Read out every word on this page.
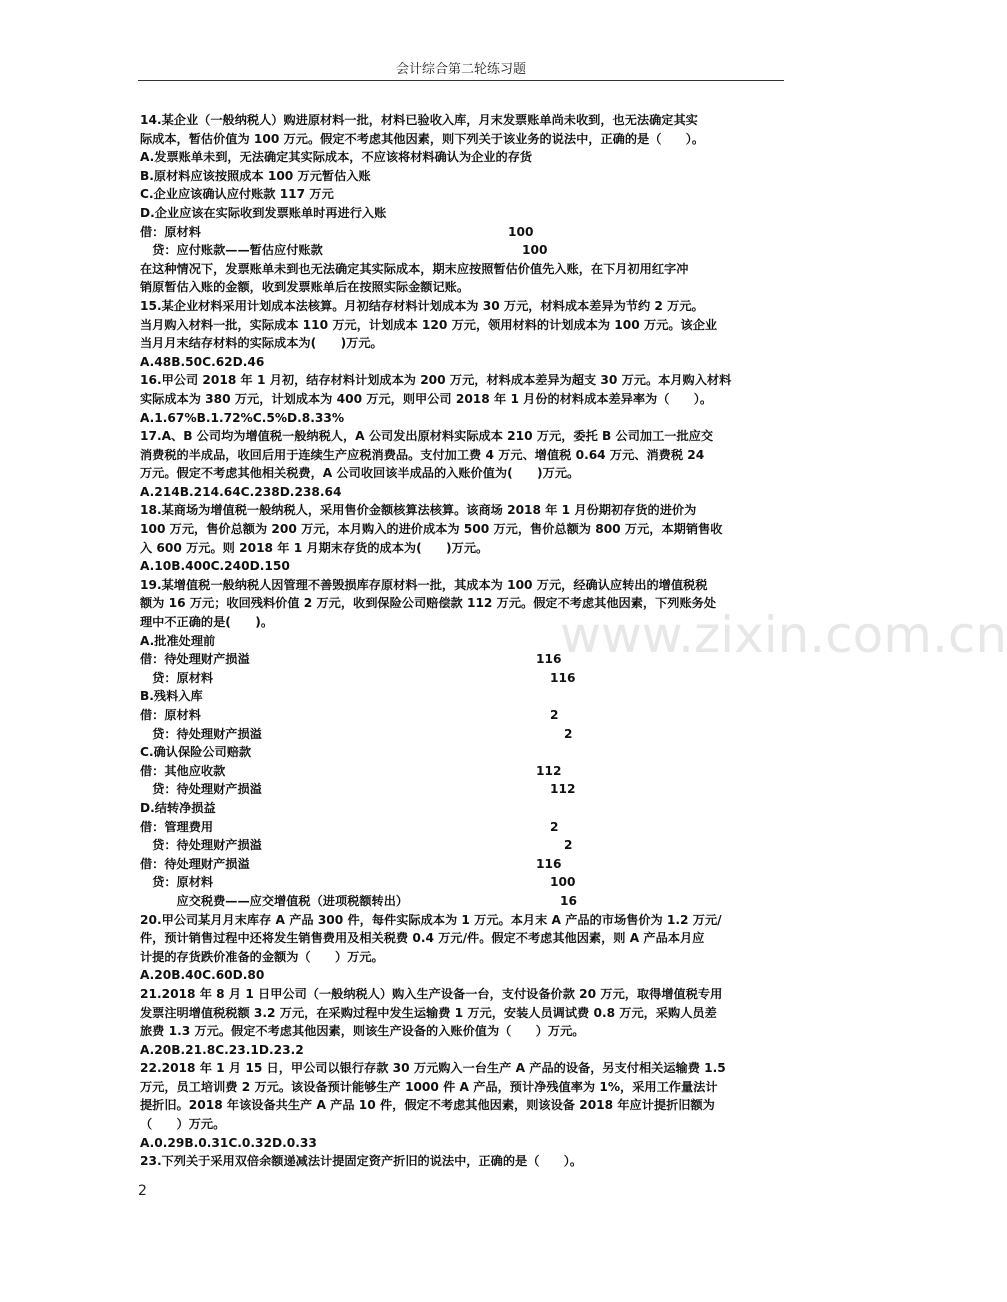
会计综合第二轮练习题
14.某企业（一般纳税人）购进原材料一批，材料已验收入库，月末发票账单尚未收到，也无法确定其实
际成本，暂估价值为 100 万元。假定不考虑其他因素，则下列关于该业务的说法中，正确的是（　　）。
A.发票账单未到，无法确定其实际成本，不应该将材料确认为企业的存货
B.原材料应该按照成本 100 万元暂估入账
C.企业应该确认应付账款 117 万元
D.企业应该在实际收到发票账单时再进行入账
借：原材料	100
　贷：应付账款——暂估应付账款	100
在这种情况下，发票账单未到也无法确定其实际成本，期末应按照暂估价值先入账，在下月初用红字冲
销原暂估入账的金额，收到发票账单后在按照实际金额记账。
15.某企业材料采用计划成本法核算。月初结存材料计划成本为 30 万元，材料成本差异为节约 2 万元。
当月购入材料一批，实际成本 110 万元，计划成本 120 万元，领用材料的计划成本为 100 万元。该企业
当月月末结存材料的实际成本为(　　)万元。
A.48B.50C.62D.46
16.甲公司 2018 年 1 月初，结存材料计划成本为 200 万元，材料成本差异为超支 30 万元。本月购入材料
实际成本为 380 万元，计划成本为 400 万元，则甲公司 2018 年 1 月份的材料成本差异率为（　　）。
A.1.67%B.1.72%C.5%D.8.33%
17.A、B 公司均为增值税一般纳税人，A 公司发出原材料实际成本 210 万元，委托 B 公司加工一批应交
消费税的半成品，收回后用于连续生产应税消费品。支付加工费 4 万元、增值税 0.64 万元、消费税 24
万元。假定不考虑其他相关税费，A 公司收回该半成品的入账价值为(　　)万元。
A.214B.214.64C.238D.238.64
18.某商场为增值税一般纳税人，采用售价金额核算法核算。该商场 2018 年 1 月份期初存货的进价为
100 万元，售价总额为 200 万元，本月购入的进价成本为 500 万元，售价总额为 800 万元，本期销售收
入 600 万元。则 2018 年 1 月期末存货的成本为(　　)万元。
A.10B.400C.240D.150
19.某增值税一般纳税人因管理不善毁损库存原材料一批，其成本为 100 万元，经确认应转出的增值税税
额为 16 万元；收回残料价值 2 万元，收到保险公司赔偿款 112 万元。假定不考虑其他因素，下列账务处
理中不正确的是(　　)。
A.批准处理前
借：待处理财产损溢	116
　贷：原材料	116
B.残料入库
借：原材料	2
　贷：待处理财产损溢	2
C.确认保险公司赔款
借：其他应收款	112
　贷：待处理财产损溢	112
D.结转净损益
借：管理费用	2
　贷：待处理财产损溢	2
借：待处理财产损溢	116
　贷：原材料	100
　　　应交税费——应交增值税（进项税额转出）	16
20.甲公司某月月末库存 A 产品 300 件，每件实际成本为 1 万元。本月末 A 产品的市场售价为 1.2 万元/
件，预计销售过程中还将发生销售费用及相关税费 0.4 万元/件。假定不考虑其他因素，则 A 产品本月应
计提的存货跌价准备的金额为（　　）万元。
A.20B.40C.60D.80
21.2018 年 8 月 1 日甲公司（一般纳税人）购入生产设备一台，支付设备价款 20 万元，取得增值税专用
发票注明增值税税额 3.2 万元，在采购过程中发生运输费 1 万元，安装人员调试费 0.8 万元，采购人员差
旅费 1.3 万元。假定不考虑其他因素，则该生产设备的入账价值为（　　）万元。
A.20B.21.8C.23.1D.23.2
22.2018 年 1 月 15 日，甲公司以银行存款 30 万元购入一台生产 A 产品的设备，另支付相关运输费 1.5
万元，员工培训费 2 万元。该设备预计能够生产 1000 件 A 产品，预计净残值率为 1%，采用工作量法计
提折旧。2018 年该设备共生产 A 产品 10 件，假定不考虑其他因素，则该设备 2018 年应计提折旧额为
（　　）万元。
A.0.29B.0.31C.0.32D.0.33
23.下列关于采用双倍余额递减法计提固定资产折旧的说法中，正确的是（　　）。
www.zixin.com.cn
2
